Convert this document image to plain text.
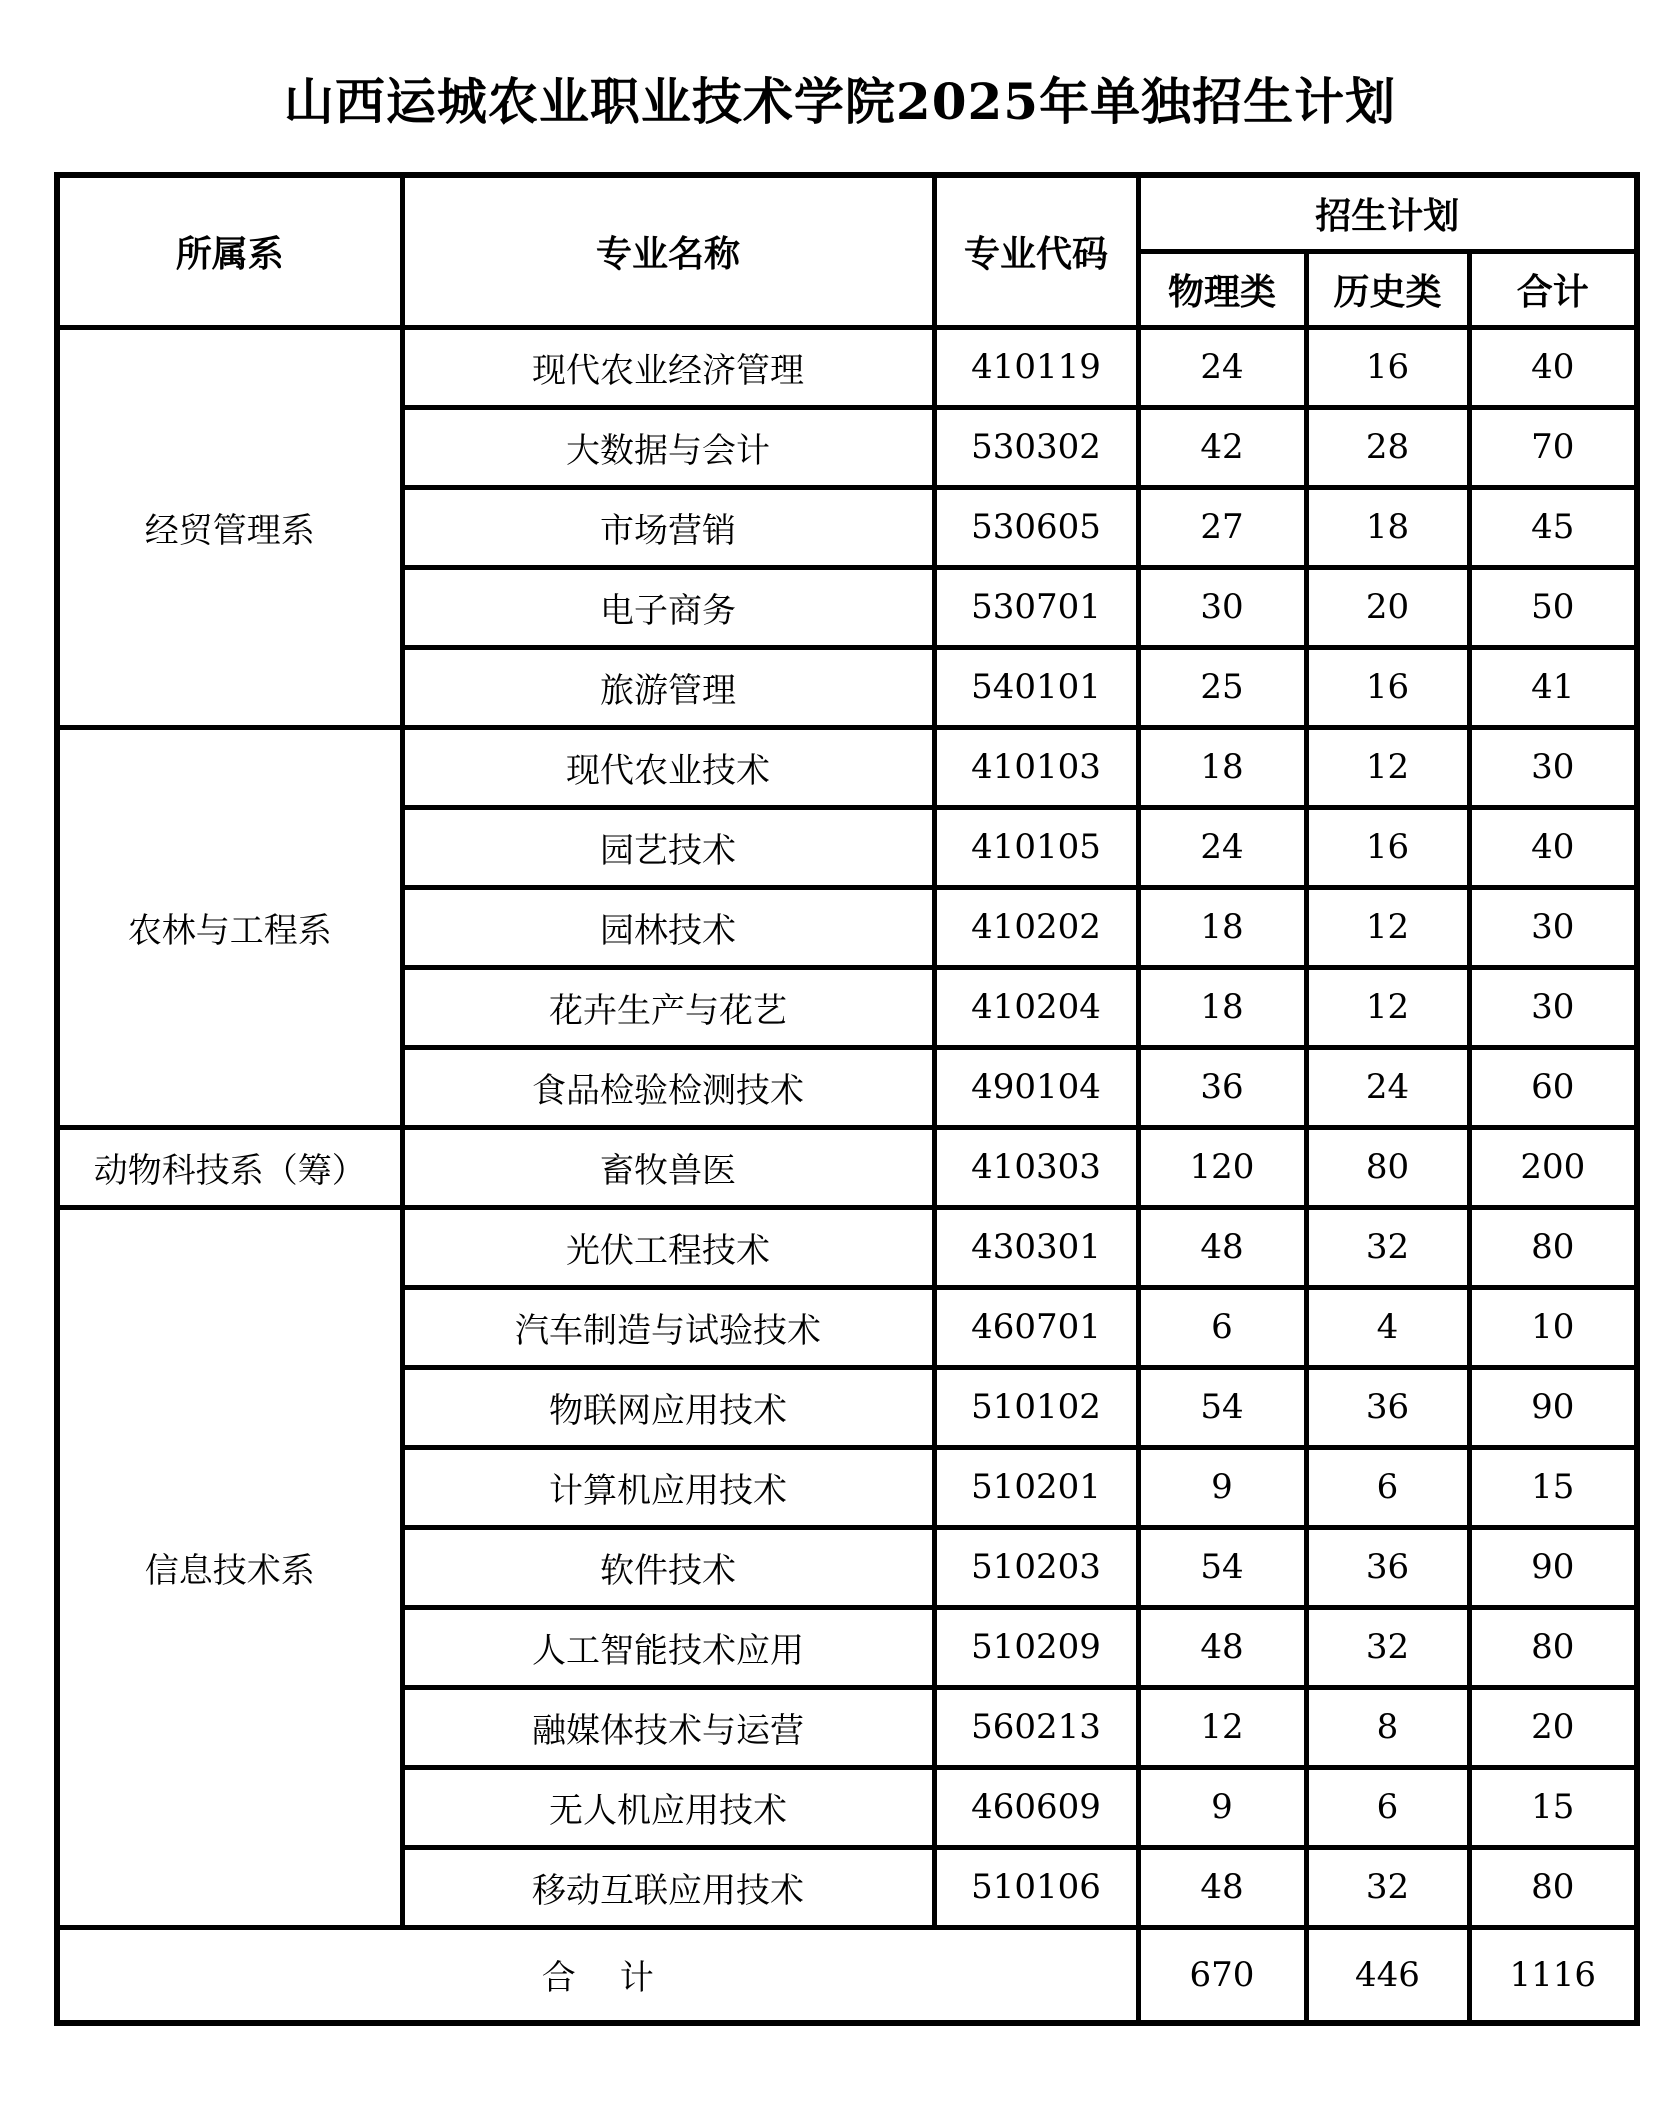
山西运城农业职业技术学院2025年单独招生计划
所属系	专业名称	专业代码	招生计划		
			物理类	历史类	合计
经贸管理系	现代农业经济管理	410119	24	16	40
	大数据与会计	530302	42	28	70
	市场营销	530605	27	18	45
	电子商务	530701	30	20	50
	旅游管理	540101	25	16	41
农林与工程系	现代农业技术	410103	18	12	30
	园艺技术	410105	24	16	40
	园林技术	410202	18	12	30
	花卉生产与花艺	410204	18	12	30
	食品检验检测技术	490104	36	24	60
动物科技系（筹）	畜牧兽医	410303	120	80	200
信息技术系	光伏工程技术	430301	48	32	80
	汽车制造与试验技术	460701	6	4	10
	物联网应用技术	510102	54	36	90
	计算机应用技术	510201	9	6	15
	软件技术	510203	54	36	90
	人工智能技术应用	510209	48	32	80
	融媒体技术与运营	560213	12	8	20
	无人机应用技术	460609	9	6	15
	移动互联应用技术	510106	48	32	80
合计			670	446	1116
